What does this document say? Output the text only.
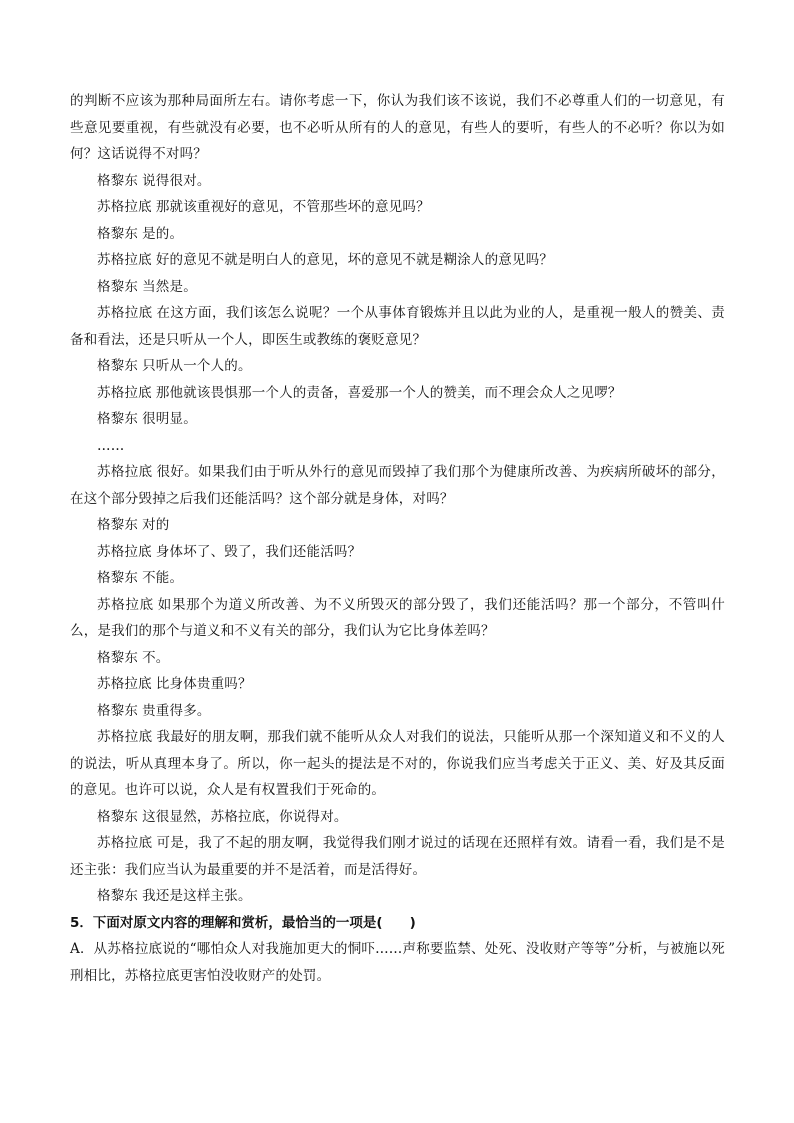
的判断不应该为那种局面所左右。请你考虑一下，你认为我们该不该说，我们不必尊重人们的一切意见，有些意见要重视，有些就没有必要，也不必听从所有的人的意见，有些人的要听，有些人的不必听？你以为如何？这话说得不对吗？

格黎东 说得很对。

苏格拉底 那就该重视好的意见，不管那些坏的意见吗？

格黎东 是的。

苏格拉底 好的意见不就是明白人的意见，坏的意见不就是糊涂人的意见吗？

格黎东 当然是。

苏格拉底 在这方面，我们该怎么说呢？一个从事体育锻炼并且以此为业的人，是重视一般人的赞美、责备和看法，还是只听从一个人，即医生或教练的褒贬意见？

格黎东 只听从一个人的。

苏格拉底 那他就该畏惧那一个人的责备，喜爱那一个人的赞美，而不理会众人之见啰？

格黎东 很明显。

……

苏格拉底 很好。如果我们由于听从外行的意见而毁掉了我们那个为健康所改善、为疾病所破坏的部分，在这个部分毁掉之后我们还能活吗？这个部分就是身体，对吗？

格黎东 对的

苏格拉底 身体坏了、毁了，我们还能活吗？

格黎东 不能。

苏格拉底 如果那个为道义所改善、为不义所毁灭的部分毁了，我们还能活吗？那一个部分，不管叫什么，是我们的那个与道义和不义有关的部分，我们认为它比身体差吗？

格黎东 不。

苏格拉底 比身体贵重吗？

格黎东 贵重得多。

苏格拉底 我最好的朋友啊，那我们就不能听从众人对我们的说法，只能听从那一个深知道义和不义的人的说法，听从真理本身了。所以，你一起头的提法是不对的，你说我们应当考虑关于正义、美、好及其反面的意见。也许可以说，众人是有权置我们于死命的。

格黎东 这很显然，苏格拉底，你说得对。

苏格拉底 可是，我了不起的朋友啊，我觉得我们刚才说过的话现在还照样有效。请看一看，我们是不是还主张：我们应当认为最重要的并不是活着，而是活得好。

格黎东 我还是这样主张。

5．下面对原文内容的理解和赏析，最恰当的一项是(　　)

A．从苏格拉底说的“哪怕众人对我施加更大的恫吓……声称要监禁、处死、没收财产等等”分析，与被施以死刑相比，苏格拉底更害怕没收财产的处罚。
